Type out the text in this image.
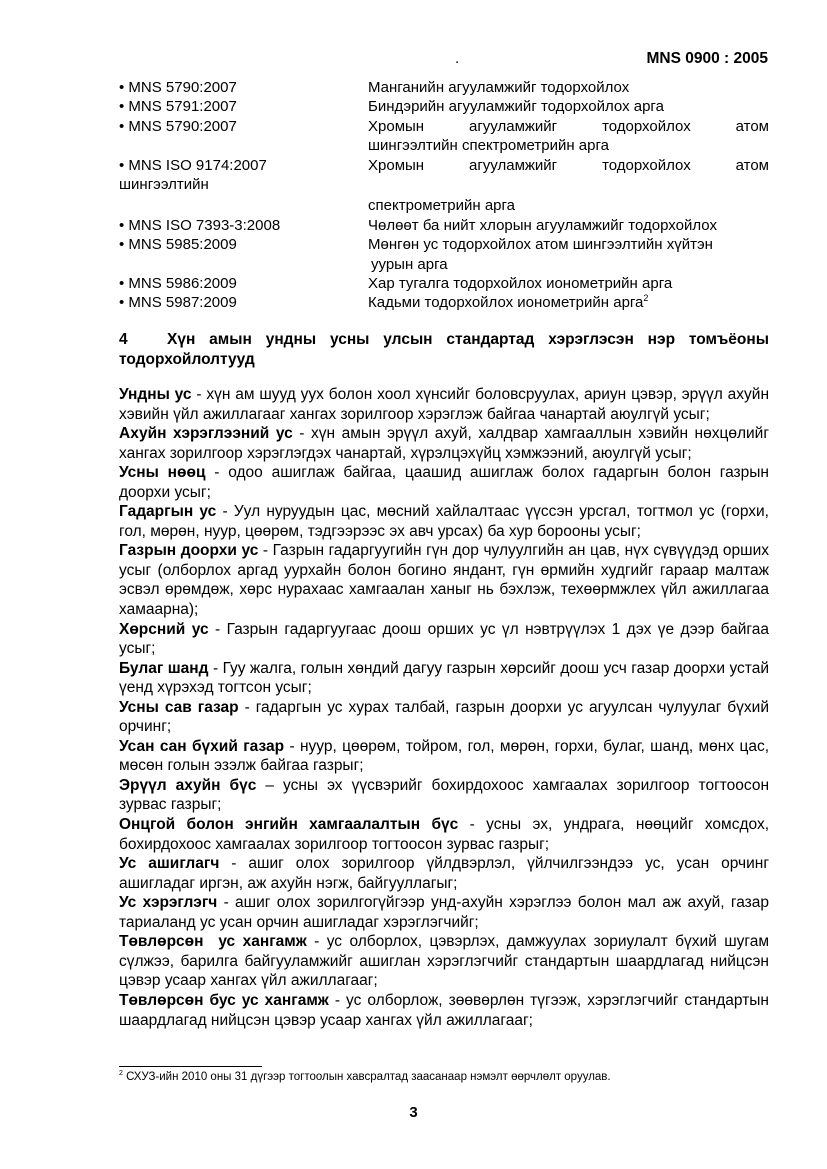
.	MNS 0900 : 2005
• MNS 5790:2007	Манганийн агууламжийг тодорхойлох
• MNS 5791:2007	Биндэрийн агууламжийг тодорхойлох арга
• MNS 5790:2007	Хромын агууламжийг тодорхойлох атом
шингээлтийн спектрометрийн арга
• MNS ISO 9174:2007	Хромын агууламжийг тодорхойлох атом
шингээлтийн
спектрометрийн арга
• MNS ISO 7393-3:2008	Чөлөөт ба нийт хлорын агууламжийг тодорхойлох
• MNS 5985:2009	Мөнгөн ус тодорхойлох атом шингээлтийн хүйтэн
уурын арга
• MNS 5986:2009	Хар тугалга тодорхойлох ионометрийн арга
• MNS 5987:2009	Кадьми тодорхойлох ионометрийн арга$^2$
4	Хүн амын ундны усны улсын стандартад хэрэглэсэн нэр томъёоны тодорхойлолтууд

Ундны ус - хүн ам шууд уух болон хоол хүнсийг боловсруулах, ариун цэвэр, эрүүл ахуйн хэвийн үйл ажиллагааг хангах зорилгоор хэрэглэж байгаа чанартай аюулгүй усыг;

Ахуйн хэрэглээний ус - хүн амын эрүүл ахуй, халдвар хамгааллын хэвийн нөхцөлийг хангах зорилгоор хэрэглэгдэх чанартай, хүрэлцэхүйц хэмжээний, аюулгүй усыг;

Усны нөөц - одоо ашиглаж байгаа, цаашид ашиглаж болох гадаргын болон газрын доорхи усыг;

Гадаргын ус - Уул нуруудын цас, мөсний хайлалтаас үүссэн урсгал, тогтмол ус (горхи, гол, мөрөн, нуур, цөөрөм, тэдгээрээс эх авч урсах) ба хур борооны усыг;

Газрын доорхи ус - Газрын гадаргуугийн гүн дор чулуулгийн ан цав, нүх сүвүүдэд орших усыг (олборлох аргад уурхайн болон богино яндант, гүн өрмийн худгийг гараар малтаж эсвэл өрөмдөж, хөрс нурахаас хамгаалан ханыг нь бэхлэж, техөөрмжлех үйл ажиллагаа хамаарна);

Хөрсний ус - Газрын гадаргуугаас доош орших ус үл нэвтрүүлэх 1 дэх үе дээр байгаа усыг;

Булаг шанд - Гуу жалга, голын хөндий дагуу газрын хөрсийг доош усч газар доорхи устай үенд хүрэхэд тогтсон усыг;

Усны сав газар - гадаргын ус хурах талбай, газрын доорхи ус агуулсан чулуулаг бүхий орчинг;

Усан сан бүхий газар - нуур, цөөрөм, тойром, гол, мөрөн, горхи, булаг, шанд, мөнх цас, мөсөн голын эзэлж байгаа газрыг;

Эрүүл ахуйн бүс – усны эх үүсвэрийг бохирдохоос хамгаалах зорилгоор тогтоосон зурвас газрыг;

Онцгой болон энгийн хамгаалалтын бүс - усны эх, ундрага, нөөцийг хомсдох, бохирдохоос хамгаалах зорилгоор тогтоосон зурвас газрыг;

Ус ашиглагч - ашиг олох зорилгоор үйлдвэрлэл, үйлчилгээндээ ус, усан орчинг ашигладаг иргэн, аж ахуйн нэгж, байгууллагыг;

Ус хэрэглэгч - ашиг олох зорилгогүйгээр унд-ахуйн хэрэглээ болон мал аж ахуй, газар тариаланд ус усан орчин ашигладаг хэрэглэгчийг;

Төвлөрсөн  ус хангамж - ус олборлох, цэвэрлэх, дамжуулах зориулалт бүхий шугам сүлжээ, барилга байгууламжийг ашиглан хэрэглэгчийг стандартын шаардлагад нийцсэн цэвэр усаар хангах үйл ажиллагааг;

Төвлөрсөн бус ус хангамж - ус олборлож, зөөвөрлөн түгээж, хэрэглэгчийг стандартын шаардлагад нийцсэн цэвэр усаар хангах үйл ажиллагааг;

$^2$ СХУЗ-ийн 2010 оны 31 дүгээр тогтоолын хавсралтад заасанаар нэмэлт өөрчлөлт оруулав.
3
